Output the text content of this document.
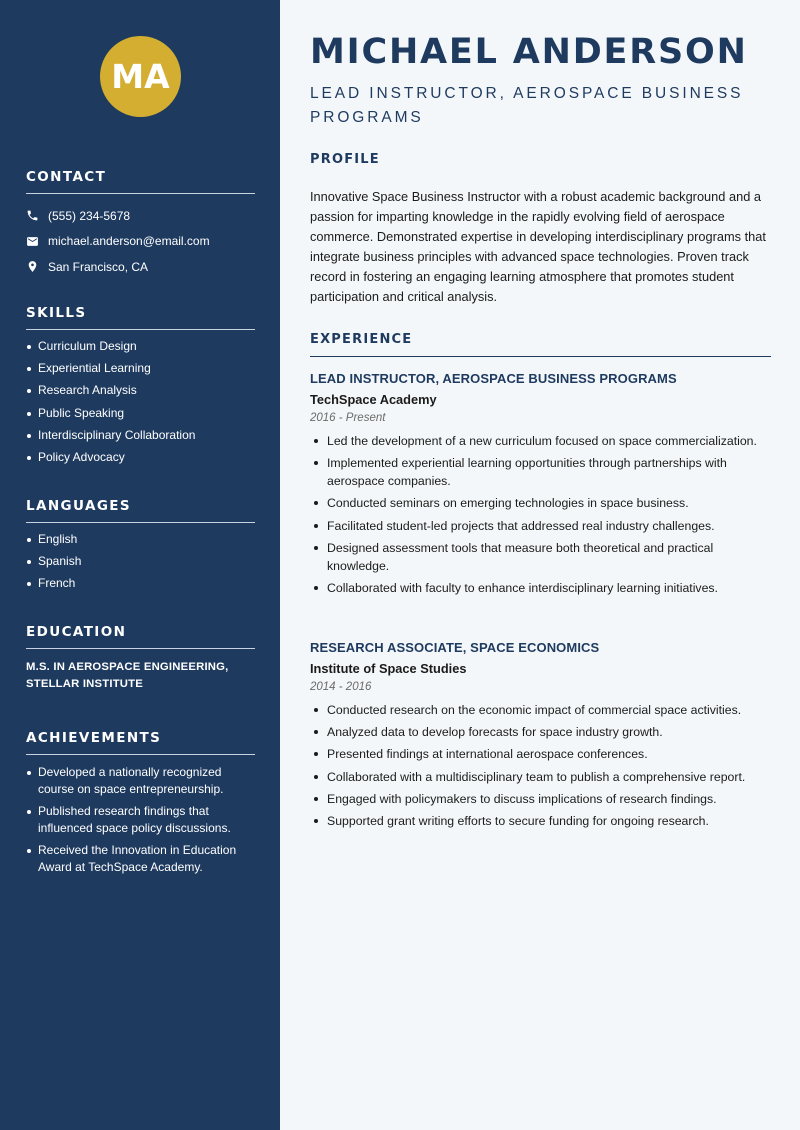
MA
CONTACT
(555) 234-5678
michael.anderson@email.com
San Francisco, CA
SKILLS
Curriculum Design
Experiential Learning
Research Analysis
Public Speaking
Interdisciplinary Collaboration
Policy Advocacy
LANGUAGES
English
Spanish
French
EDUCATION
M.S. IN AEROSPACE ENGINEERING, STELLAR INSTITUTE
ACHIEVEMENTS
Developed a nationally recognized course on space entrepreneurship.
Published research findings that influenced space policy discussions.
Received the Innovation in Education Award at TechSpace Academy.
MICHAEL ANDERSON
LEAD INSTRUCTOR, AEROSPACE BUSINESS PROGRAMS
PROFILE

Innovative Space Business Instructor with a robust academic background and a passion for imparting knowledge in the rapidly evolving field of aerospace commerce. Demonstrated expertise in developing interdisciplinary programs that integrate business principles with advanced space technologies. Proven track record in fostering an engaging learning atmosphere that promotes student participation and critical analysis.

EXPERIENCE
LEAD INSTRUCTOR, AEROSPACE BUSINESS PROGRAMS
TechSpace Academy
2016 - Present
Led the development of a new curriculum focused on space commercialization.
Implemented experiential learning opportunities through partnerships with aerospace companies.
Conducted seminars on emerging technologies in space business.
Facilitated student-led projects that addressed real industry challenges.
Designed assessment tools that measure both theoretical and practical knowledge.
Collaborated with faculty to enhance interdisciplinary learning initiatives.
RESEARCH ASSOCIATE, SPACE ECONOMICS
Institute of Space Studies
2014 - 2016
Conducted research on the economic impact of commercial space activities.
Analyzed data to develop forecasts for space industry growth.
Presented findings at international aerospace conferences.
Collaborated with a multidisciplinary team to publish a comprehensive report.
Engaged with policymakers to discuss implications of research findings.
Supported grant writing efforts to secure funding for ongoing research.
